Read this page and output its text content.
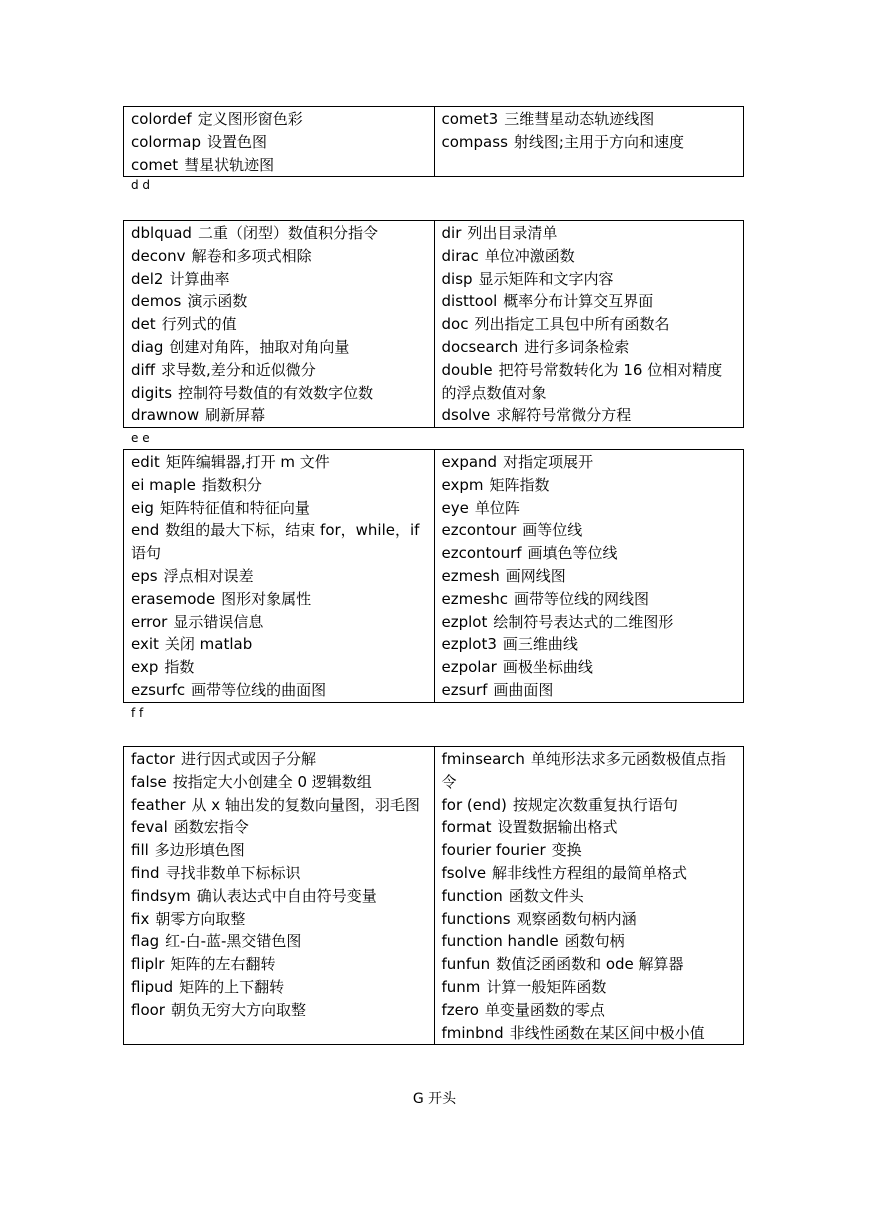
colordef 定义图形窗色彩
colormap 设置色图
comet 彗星状轨迹图
comet3 三维彗星动态轨迹线图
compass 射线图;主用于方向和速度
d d
dblquad 二重（闭型）数值积分指令
deconv 解卷和多项式相除
del2 计算曲率
demos 演示函数
det 行列式的值
diag 创建对角阵，抽取对角向量
diff 求导数,差分和近似微分
digits 控制符号数值的有效数字位数
drawnow 刷新屏幕
dir 列出目录清单
dirac 单位冲激函数
disp 显示矩阵和文字内容
disttool 概率分布计算交互界面
doc 列出指定工具包中所有函数名
docsearch 进行多词条检索
double 把符号常数转化为 16 位相对精度的浮点数值对象
dsolve 求解符号常微分方程
e e
edit 矩阵编辑器,打开 m 文件
ei maple 指数积分
eig 矩阵特征值和特征向量
end 数组的最大下标，结束 for，while，if 语句
eps 浮点相对误差
erasemode 图形对象属性
error 显示错误信息
exit 关闭 matlab
exp 指数
ezsurfc 画带等位线的曲面图
expand 对指定项展开
expm 矩阵指数
eye 单位阵
ezcontour 画等位线
ezcontourf 画填色等位线
ezmesh 画网线图
ezmeshc 画带等位线的网线图
ezplot 绘制符号表达式的二维图形
ezplot3 画三维曲线
ezpolar 画极坐标曲线
ezsurf 画曲面图
f f
factor 进行因式或因子分解
false 按指定大小创建全 0 逻辑数组
feather 从 x 轴出发的复数向量图，羽毛图
feval 函数宏指令
fill 多边形填色图
find 寻找非数单下标标识
findsym 确认表达式中自由符号变量
fix 朝零方向取整
flag 红-白-蓝-黑交错色图
fliplr 矩阵的左右翻转
flipud 矩阵的上下翻转
floor 朝负无穷大方向取整
fminsearch 单纯形法求多元函数极值点指令
for (end) 按规定次数重复执行语句
format 设置数据输出格式
fourier fourier 变换
fsolve 解非线性方程组的最简单格式
function 函数文件头
functions 观察函数句柄内涵
function handle 函数句柄
funfun 数值泛函函数和 ode 解算器
funm 计算一般矩阵函数
fzero 单变量函数的零点
fminbnd 非线性函数在某区间中极小值
G 开头
